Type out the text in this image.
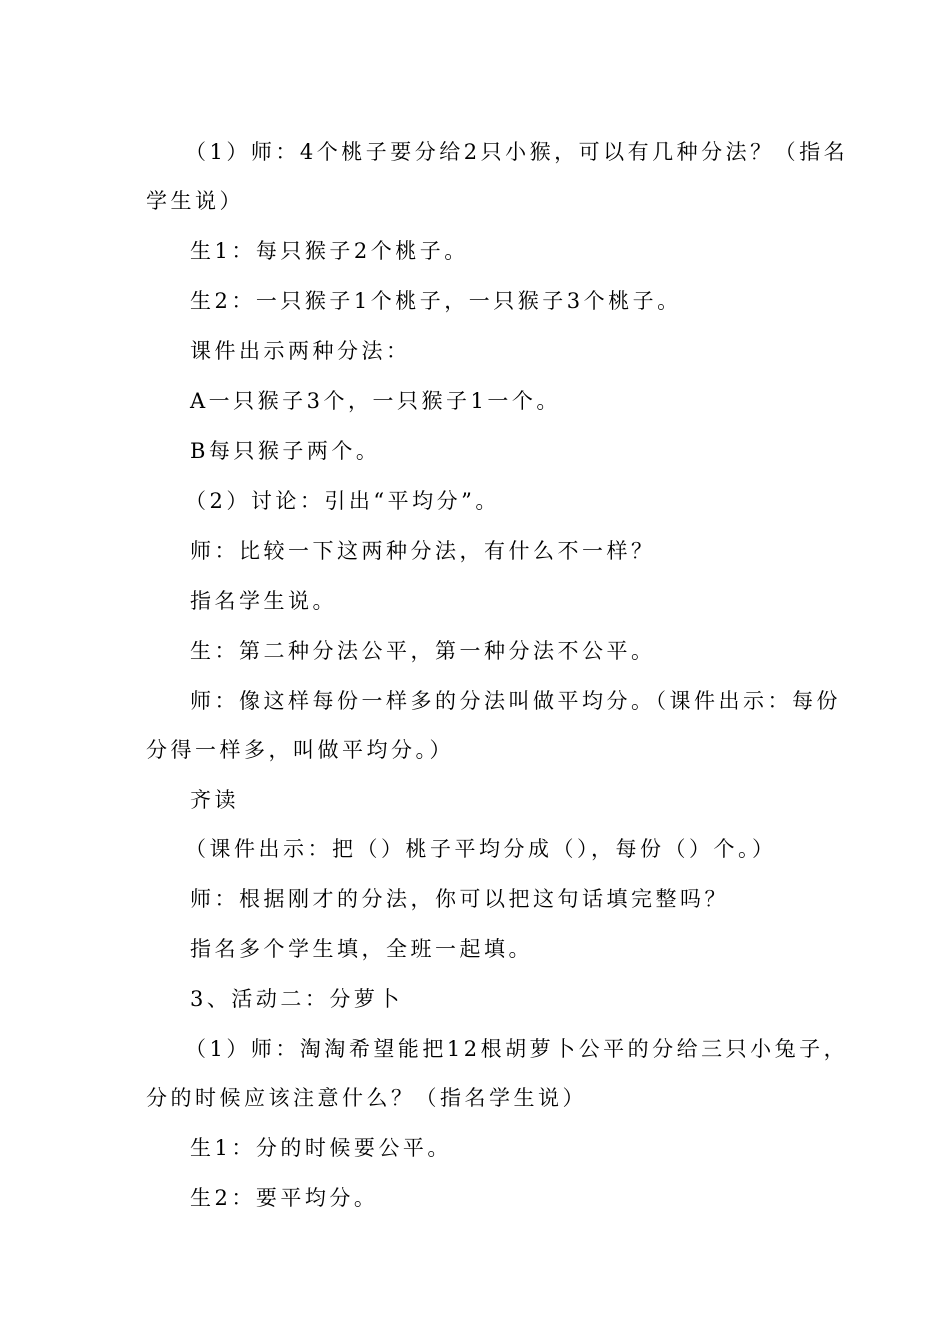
（1）师：4个桃子要分给2只小猴，可以有几种分法？（指名
学生说）
生1：每只猴子2个桃子。
生2：一只猴子1个桃子，一只猴子3个桃子。
课件出示两种分法：
A一只猴子3个，一只猴子1一个。
B每只猴子两个。
（2）讨论：引出“平均分”。
师：比较一下这两种分法，有什么不一样？
指名学生说。
生：第二种分法公平，第一种分法不公平。
师：像这样每份一样多的分法叫做平均分。（课件出示：每份
分得一样多，叫做平均分。）
齐读
（课件出示：把（）桃子平均分成（），每份（）个。）
师：根据刚才的分法，你可以把这句话填完整吗？
指名多个学生填，全班一起填。
3、活动二：分萝卜
（1）师：淘淘希望能把12根胡萝卜公平的分给三只小兔子，
分的时候应该注意什么？（指名学生说）
生1：分的时候要公平。
生2：要平均分。
